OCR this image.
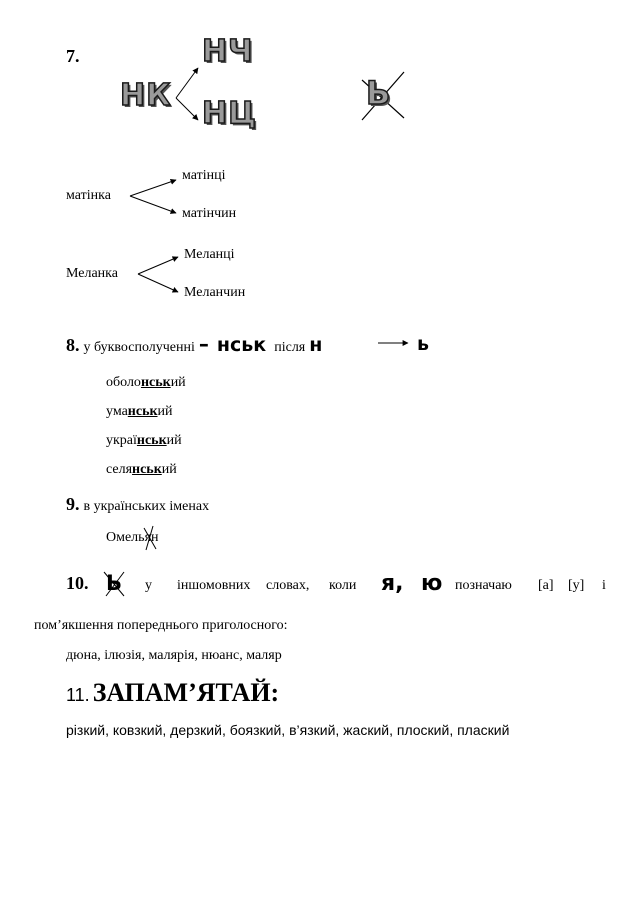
7.
НК
НЧ
НЦ
Ь
матінка
матінці
матінчин
Меланка
Меланці
Меланчин
8. у буквосполученні – нськ після н	ь
оболонський
уманський
український
селянський
9. в українських іменах
Омельян
10. Ь у іншомовних словах, коли я, ю позначаю [а] [у] і
пом’якшення попереднього приголосного:
дюна, ілюзія, малярія, нюанс, маляр
11. ЗАПАМ’ЯТАЙ:
різкий, ковзкий, дерзкий, боязкий, в’язкий, жаский, плоский, плаский
